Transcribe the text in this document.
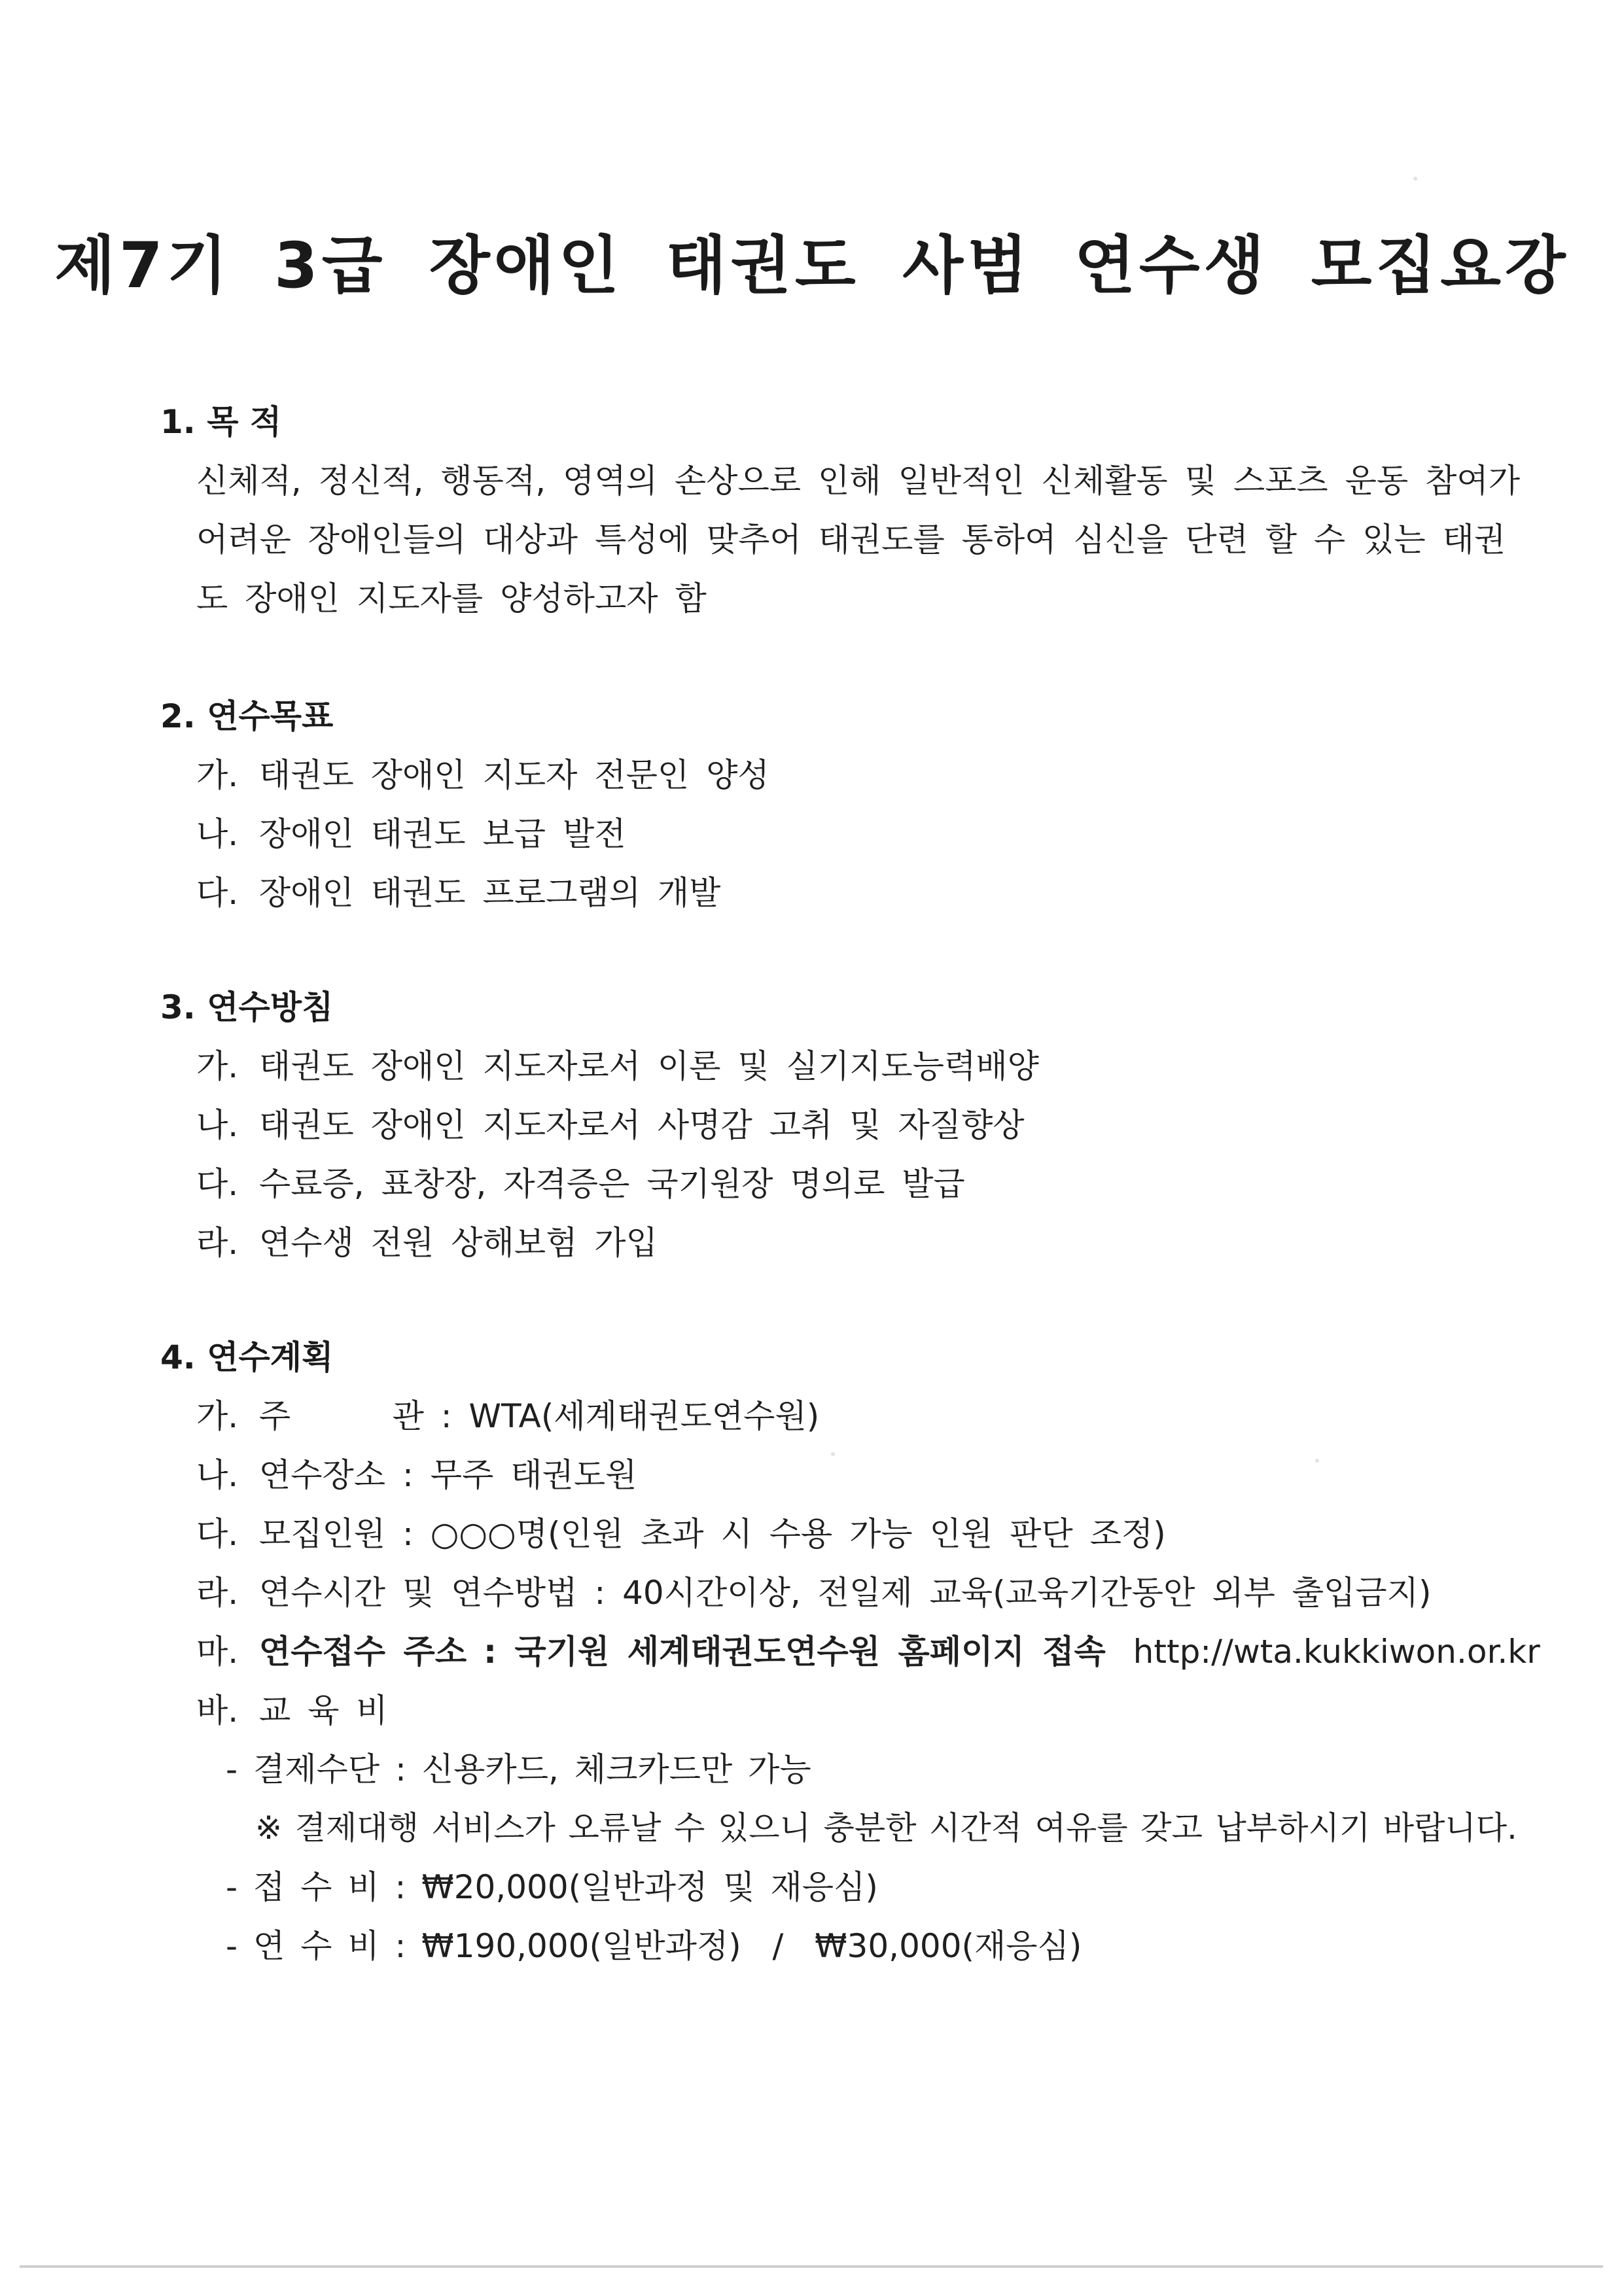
제7기 3급 장애인 태권도 사범 연수생 모집요강
1. 목 적
신체적, 정신적, 행동적, 영역의 손상으로 인해 일반적인 신체활동 및 스포츠 운동 참여가 어려운 장애인들의 대상과 특성에 맞추어 태권도를 통하여 심신을 단련 할 수 있는 태권도 장애인 지도자를 양성하고자 함
2. 연수목표
가. 태권도 장애인 지도자 전문인 양성
나. 장애인 태권도 보급 발전
다. 장애인 태권도 프로그램의 개발
3. 연수방침
가. 태권도 장애인 지도자로서 이론 및 실기지도능력배양
나. 태권도 장애인 지도자로서 사명감 고취 및 자질향상
다. 수료증, 표창장, 자격증은 국기원장 명의로 발급
라. 연수생 전원 상해보험 가입
4. 연수계획
가. 주      관 : WTA(세계태권도연수원)
나. 연수장소 : 무주 태권도원
다. 모집인원 : ○○○명(인원 초과 시 수용 가능 인원 판단 조정)
라. 연수시간 및 연수방법 : 40시간이상, 전일제 교육(교육기간동안 외부 출입금지)
마. 연수접수 주소 : 국기원 세계태권도연수원 홈페이지 접속 http://wta.kukkiwon.or.kr
바. 교 육 비
- 결제수단 : 신용카드, 체크카드만 가능
※ 결제대행 서비스가 오류날 수 있으니 충분한 시간적 여유를 갖고 납부하시기 바랍니다.
- 접 수 비 : ₩20,000(일반과정 및 재응심)
- 연 수 비 : ₩190,000(일반과정)  /  ₩30,000(재응심)
